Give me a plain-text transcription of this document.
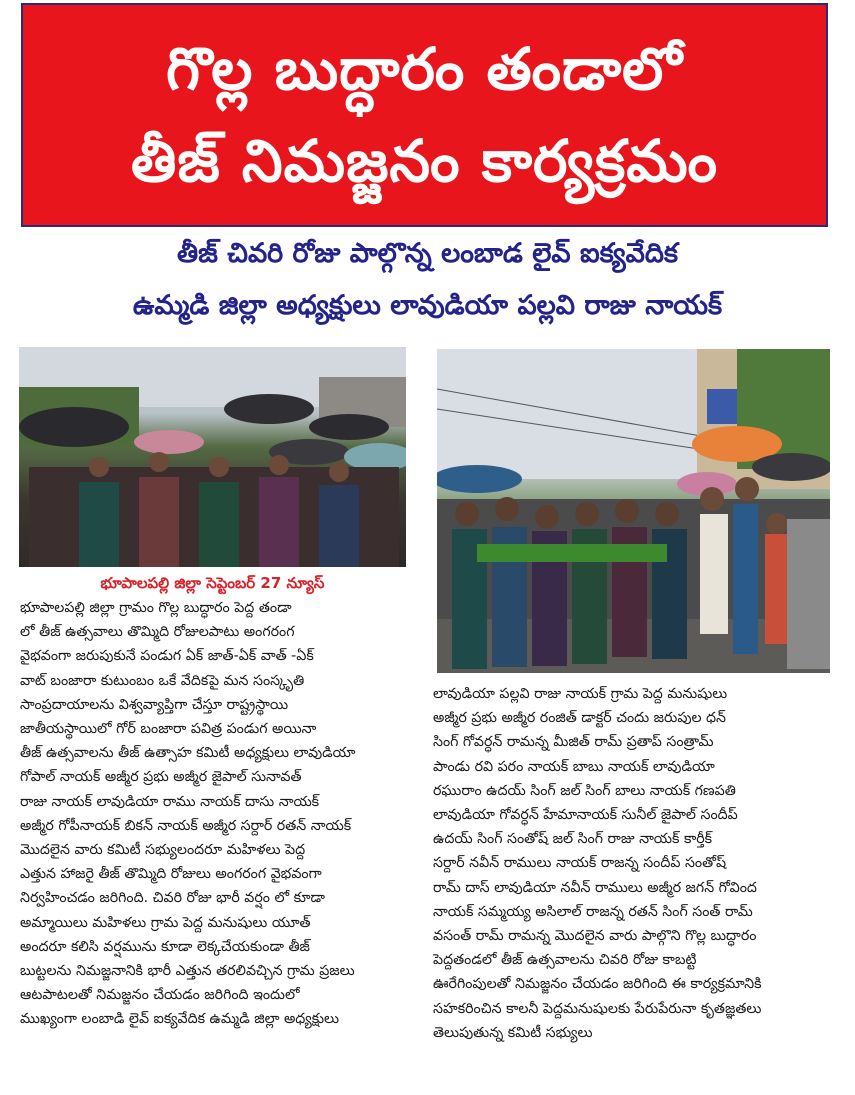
గొల్ల బుద్ధారం తండాలో
తీజ్ నిమజ్జనం కార్యక్రమం
తీజ్ చివరి రోజు పాల్గొన్న లంబాడ లైవ్ ఐక్యవేదిక
ఉమ్మడి జిల్లా అధ్యక్షులు లావుడియా పల్లవి రాజు నాయక్
భూపాలపల్లి జిల్లా సెప్టెంబర్ 27 న్యూస్
భూపాలపల్లి జిల్లా గ్రామం గొల్ల బుద్ధారం పెద్ద తండా
లో తీజ్ ఉత్సవాలు తొమ్మిది రోజులపాటు అంగరంగ
వైభవంగా జరుపుకునే పండుగ ఏక్ జాత్-ఏక్ వాత్ -ఏక్
వాట్ బంజారా కుటుంబం ఒకే వేదికపై మన సంస్కృతి
సాంప్రదాయాలను విశ్వవ్యాప్తిగా చేస్తూ రాష్ట్రస్థాయి
జాతీయస్థాయిలో గోర్ బంజారా పవిత్ర పండుగ అయినా
తీజ్ ఉత్సవాలను తీజ్ ఉత్సాహ కమిటీ అధ్యక్షులు లావుడియా
గోపాల్ నాయక్ అజ్మీర ప్రభు అజ్మీర జైపాల్ సునావత్
రాజు నాయక్ లావుడియా రాము నాయక్ దాసు నాయక్
అజ్మీర గోపీనాయక్ బికన్ నాయక్ అజ్మీర సర్దార్ రతన్ నాయక్
మొదలైన వారు కమిటీ సభ్యులందరూ మహిళలు పెద్ద
ఎత్తున హాజరై తీజ్ తొమ్మిది రోజులు అంగరంగ వైభవంగా
నిర్వహించడం జరిగింది. చివరి రోజు భారీ వర్షం లో కూడా
అమ్మాయిలు మహిళలు గ్రామ పెద్ద మనుషులు యూత్
అందరూ కలిసి వర్షమును కూడా లెక్కచేయకుండా తీజ్
బుట్టలను నిమజ్జనానికి భారీ ఎత్తున తరలివచ్చిన గ్రామ ప్రజలు
ఆటపాటలతో నిమజ్జనం చేయడం జరిగింది ఇందులో
ముఖ్యంగా లంబాడి లైవ్ ఐక్యవేదిక ఉమ్మడి జిల్లా అధ్యక్షులు
లావుడియా పల్లవి రాజు నాయక్ గ్రామ పెద్ద మనుషులు
అజ్మీర ప్రభు అజ్మీర రంజిత్ డాక్టర్ చందు జరుపుల ధన్
సింగ్ గోవర్ధన్ రామన్న మీజిత్ రామ్ ప్రతాప్ సంత్రామ్
పాండు రవి పరం నాయక్ బాబు నాయక్ లావుడియా
రఘురాం ఉదయ్ సింగ్ జల్ సింగ్ బాలు నాయక్ గణపతి
లావుడియా గోవర్ధన్ హేమానాయక్ సునీల్ జైపాల్ సందీప్
ఉదయ్ సింగ్ సంతోష్ జల్ సింగ్ రాజు నాయక్ కార్తీక్
సర్దార్ నవీన్ రాములు నాయక్ రాజన్న సందీప్ సంతోష్
రామ్ దాస్ లావుడియా నవీన్ రాములు అజ్మీర జగన్ గోవింద
నాయక్ సమ్మయ్య అసిలాల్ రాజన్న రతన్ సింగ్ సంత్ రామ్
వసంత్ రామ్ రామన్న మొదలైన వారు పాల్గొని గొల్ల బుద్ధారం
పెద్దతండలో తీజ్ ఉత్సవాలను చివరి రోజు కాబట్టి
ఊరేగింపులతో నిమజ్జనం చేయడం జరిగింది ఈ కార్యక్రమానికి
సహకరించిన కాలనీ పెద్దమనుషులకు పేరుపేరునా కృతజ్ఞతలు
తెలుపుతున్న కమిటీ సభ్యులు
